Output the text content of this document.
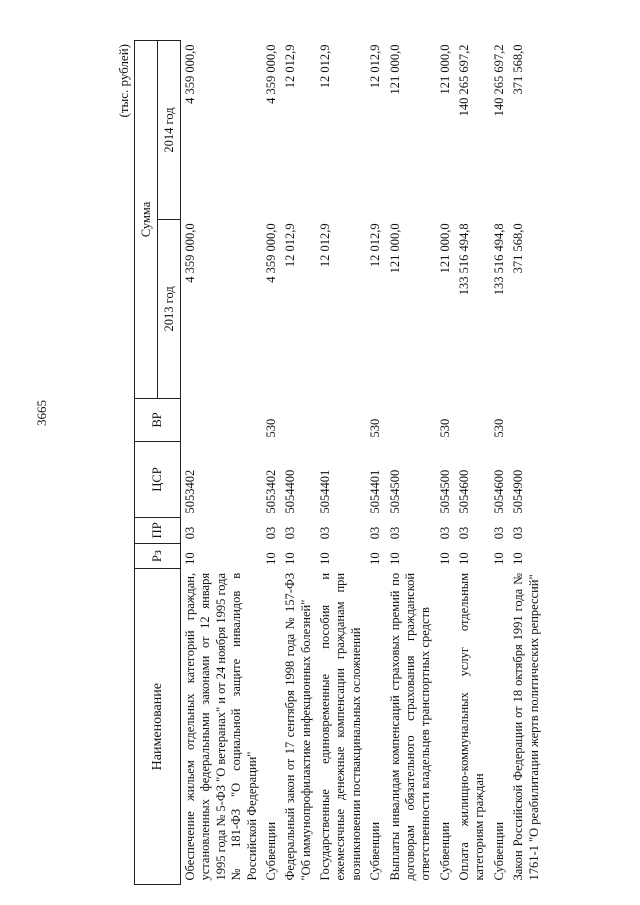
3665
(тыс. рублей)
Наименование	Рз	ПР	ЦСР	ВР	Сумма	
					2013 год	2014 год
Обеспечение жильем отдельных категорий граждан, установленных федеральными законами от 12 января 1995 года № 5-ФЗ "О ветеранах" и от 24 ноября 1995 года № 181-ФЗ "О социальной защите инвалидов в Российской Федерации"	10	03	5053402		4 359 000,0	4 359 000,0
Субвенции	10	03	5053402	530	4 359 000,0	4 359 000,0
Федеральный закон от 17 сентября 1998 года № 157-ФЗ "Об иммунопрофилактике инфекционных болезней"	10	03	5054400		12 012,9	12 012,9
Государственные единовременные пособия и ежемесячные денежные компенсации гражданам при возникновении поствакцинальных осложнений	10	03	5054401		12 012,9	12 012,9
Субвенции	10	03	5054401	530	12 012,9	12 012,9
Выплаты инвалидам компенсаций страховых премий по договорам обязательного страхования гражданской ответственности владельцев транспортных средств	10	03	5054500		121 000,0	121 000,0
Субвенции	10	03	5054500	530	121 000,0	121 000,0
Оплата жилищно-коммунальных услуг отдельным категориям граждан	10	03	5054600		133 516 494,8	140 265 697,2
Субвенции	10	03	5054600	530	133 516 494,8	140 265 697,2
Закон Российской Федерации от 18 октября 1991 года № 1761-1 "О реабилитации жертв политических репрессий"	10	03	5054900		371 568,0	371 568,0
